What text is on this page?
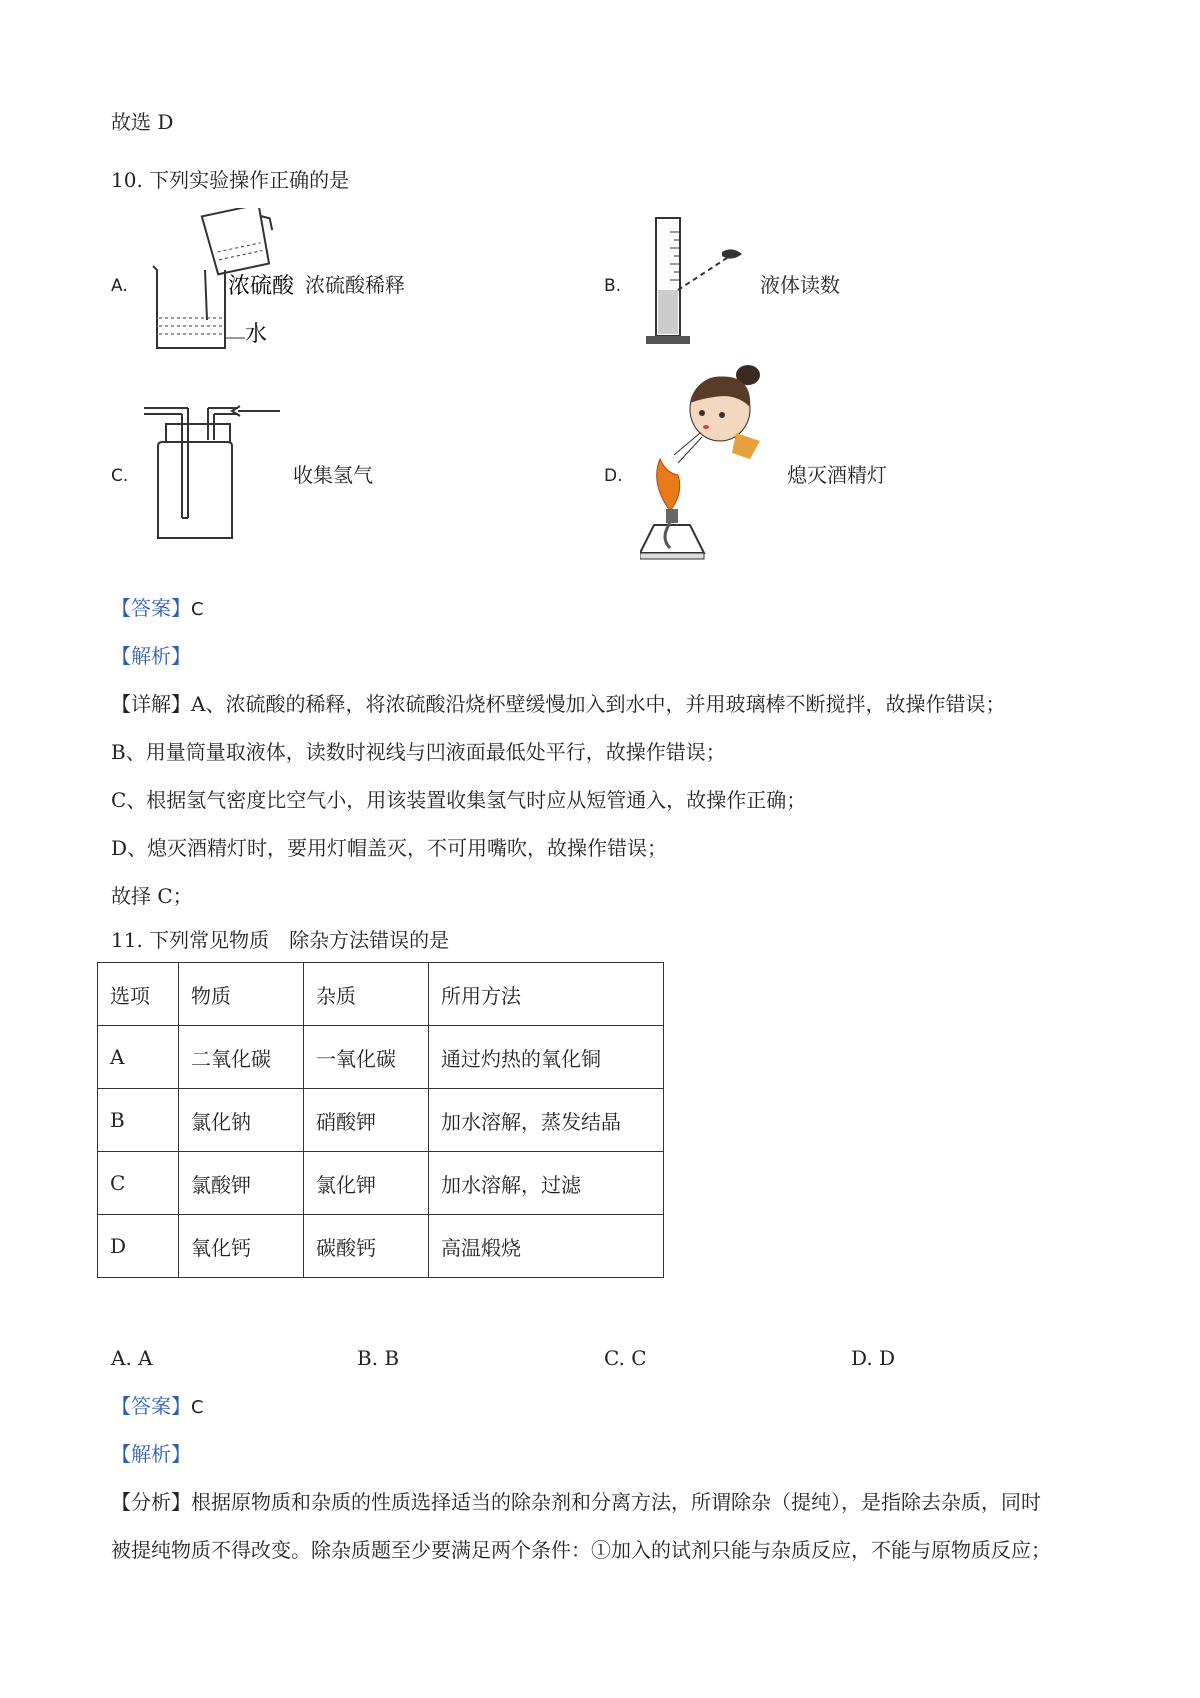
故选 D
10. 下列实验操作正确的是
A.	浓硫酸
水
浓硫酸稀释	B.	液体读数
C.	收集氢气	D.	熄灭酒精灯
【答案】C
【解析】
【详解】A、浓硫酸的稀释，将浓硫酸沿烧杯壁缓慢加入到水中，并用玻璃棒不断搅拌，故操作错误；
B、用量筒量取液体，读数时视线与凹液面最低处平行，故操作错误；
C、根据氢气密度比空气小，用该装置收集氢气时应从短管通入，故操作正确；
D、熄灭酒精灯时，要用灯帽盖灭，不可用嘴吹，故操作错误；
故择 C；
11. 下列常见物质　除杂方法错误的是
选项	物质	杂质	所用方法
A	二氧化碳	一氧化碳	通过灼热的氧化铜
B	氯化钠	硝酸钾	加水溶解，蒸发结晶
C	氯酸钾	氯化钾	加水溶解，过滤
D	氧化钙	碳酸钙	高温煅烧
A. A	B. B	C. C	D. D
【答案】C
【解析】
【分析】根据原物质和杂质的性质选择适当的除杂剂和分离方法，所谓除杂（提纯），是指除去杂质，同时
被提纯物质不得改变。除杂质题至少要满足两个条件：①加入的试剂只能与杂质反应，不能与原物质反应；
